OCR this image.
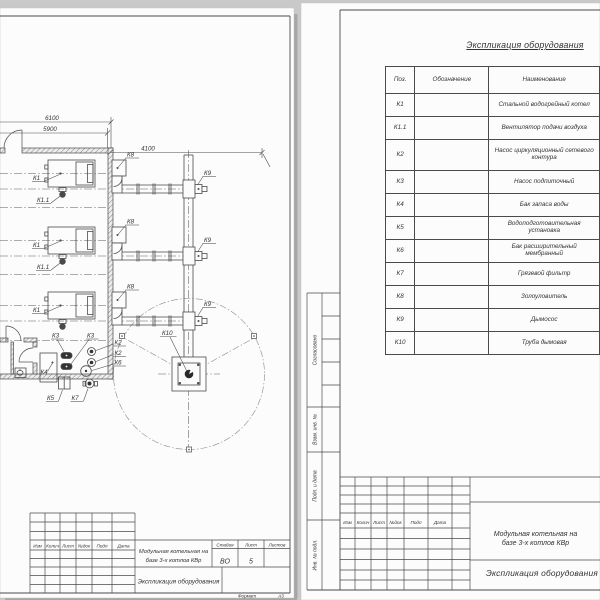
6100
5900
4100
К1
К1
К1
К1.1
К1.1
К8
К8
К8
К9
К9
К9
К10
К4
К5	К7
К3	К3
К2
К2
К6
Изм Колич Лист №док Подп Дата
Модульная котельная на
базе 3-х котлов КВр
Стадия Лист	Листов
ВО	5
Экспликация оборудования
Формат	А3
Согласовано
Взам. инв. №
Подп. и дата
Инв. № подл.
Изм Колич Лист №док Подп	Дата
Экспликация оборудования
Поз.	Обозначение	Наименование
К1		Стальной водогрейный котел
К1.1		Вентилятор подачи воздуха
К2		Насос циркуляционный сетевого контура
К3		Насос подпиточный
К4		Бак запаса воды
К5		Водоподготовительная установка
К6		Бак расширительный мембранный
К7		Грязевой фильтр
К8		Золоуловитель
К9		Дымосос
К10		Труба дымовая
Модульная котельная на
базе 3-х котлов КВр
Экспликация оборудования
